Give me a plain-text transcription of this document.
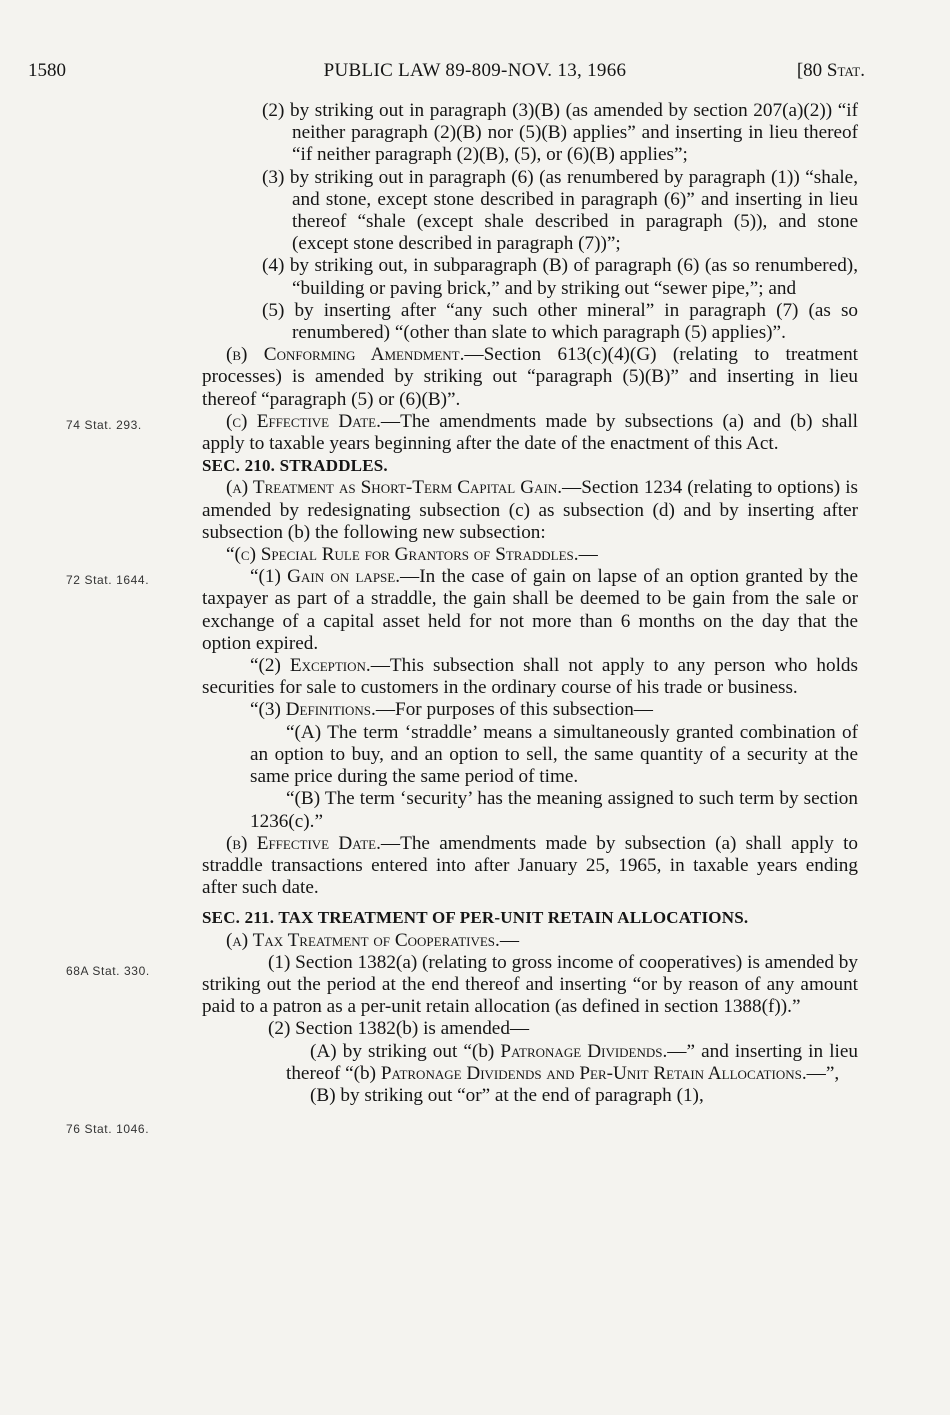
1580	PUBLIC LAW 89-809-NOV. 13, 1966	[80 Stat.
74 Stat. 293.
72 Stat. 1644.
68A Stat. 330.
76 Stat. 1046.

(2) by striking out in paragraph (3)(B) (as amended by section 207(a)(2)) “if neither paragraph (2)(B) nor (5)(B) applies” and inserting in lieu thereof “if neither paragraph (2)(B), (5), or (6)(B) applies”;

(3) by striking out in paragraph (6) (as renumbered by paragraph (1)) “shale, and stone, except stone described in paragraph (6)” and inserting in lieu thereof “shale (except shale described in paragraph (5)), and stone (except stone described in paragraph (7))”;

(4) by striking out, in subparagraph (B) of paragraph (6) (as so renumbered), “building or paving brick,” and by striking out “sewer pipe,”; and

(5) by inserting after “any such other mineral” in paragraph (7) (as so renumbered) “(other than slate to which paragraph (5) applies)”.

(b) Conforming Amendment.—Section 613(c)(4)(G) (relating to treatment processes) is amended by striking out “paragraph (5)(B)” and inserting in lieu thereof “paragraph (5) or (6)(B)”.

(c) Effective Date.—The amendments made by subsections (a) and (b) shall apply to taxable years beginning after the date of the enactment of this Act.

SEC. 210. STRADDLES.

(a) Treatment as Short-Term Capital Gain.—Section 1234 (relating to options) is amended by redesignating subsection (c) as subsection (d) and by inserting after subsection (b) the following new subsection:

“(c) Special Rule for Grantors of Straddles.—

“(1) Gain on lapse.—In the case of gain on lapse of an option granted by the taxpayer as part of a straddle, the gain shall be deemed to be gain from the sale or exchange of a capital asset held for not more than 6 months on the day that the option expired.

“(2) Exception.—This subsection shall not apply to any person who holds securities for sale to customers in the ordinary course of his trade or business.

“(3) Definitions.—For purposes of this subsection—

“(A) The term ‘straddle’ means a simultaneously granted combination of an option to buy, and an option to sell, the same quantity of a security at the same price during the same period of time.

“(B) The term ‘security’ has the meaning assigned to such term by section 1236(c).”

(b) Effective Date.—The amendments made by subsection (a) shall apply to straddle transactions entered into after January 25, 1965, in taxable years ending after such date.

SEC. 211. TAX TREATMENT OF PER-UNIT RETAIN ALLOCATIONS.

(a) Tax Treatment of Cooperatives.—

(1) Section 1382(a) (relating to gross income of cooperatives) is amended by striking out the period at the end thereof and inserting “or by reason of any amount paid to a patron as a per-unit retain allocation (as defined in section 1388(f)).”

(2) Section 1382(b) is amended—

(A) by striking out “(b) Patronage Dividends.—” and inserting in lieu thereof “(b) Patronage Dividends and Per-Unit Retain Allocations.—”,

(B) by striking out “or” at the end of paragraph (1),
